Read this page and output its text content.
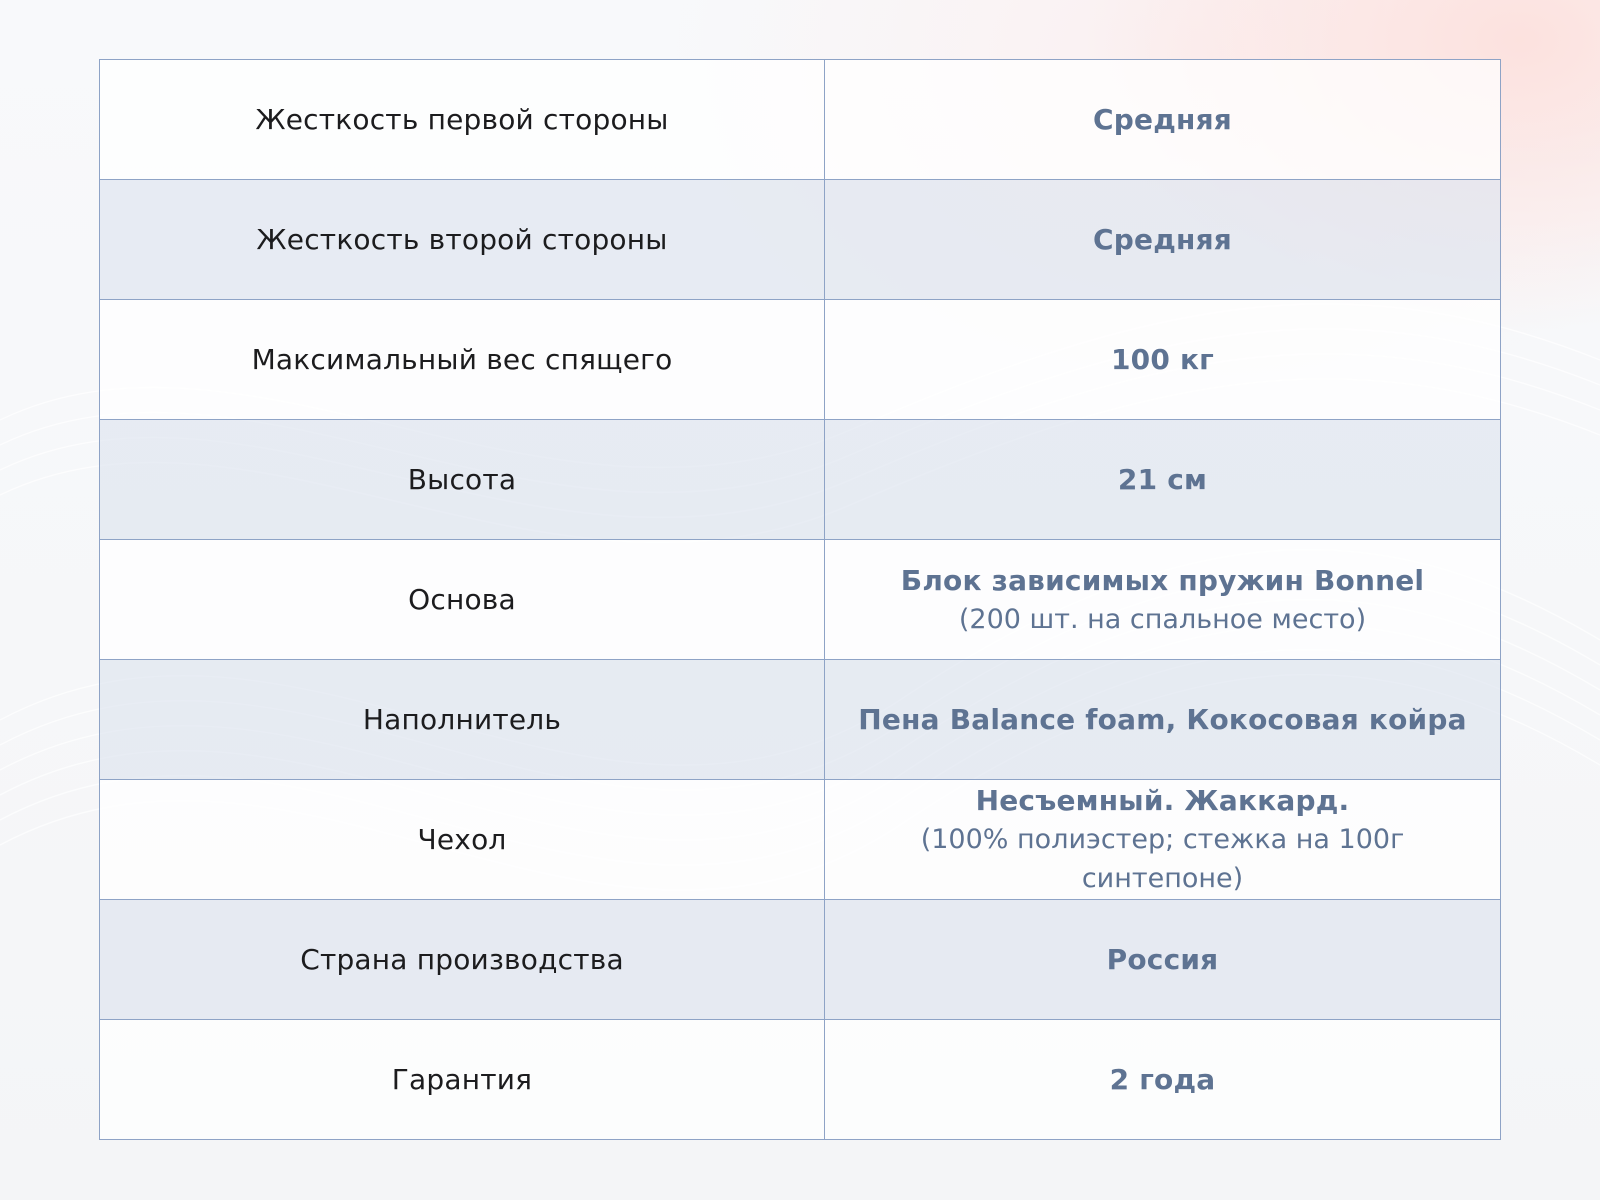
Жесткость первой стороны	Средняя

Жесткость второй стороны	Средняя

Максимальный вес спящего	100 кг

Высота	21 см

Основа	Блок зависимых пружин Bonnel
(200 шт. на спальное место)

Наполнитель	Пена Balance foam, Кокосовая койра

Чехол	Несъемный. Жаккард.
(100% полиэстер; стежка на 100г синтепоне)

Страна производства	Россия

Гарантия	2 года
